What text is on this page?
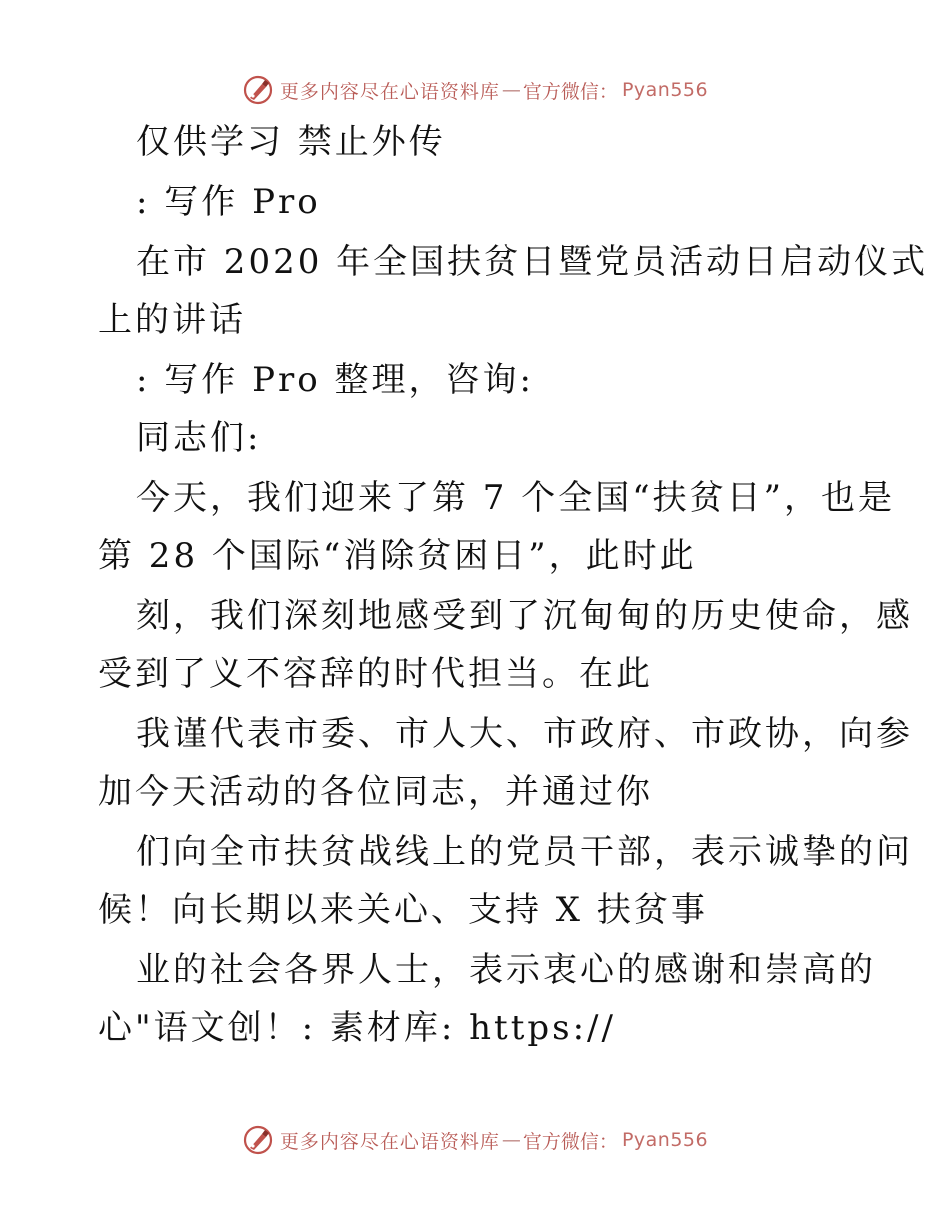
更多内容尽在心语资料库 — 官方微信： Pyan556
仅供学习 禁止外传
: 写作 Pro
在市 2020 年全国扶贫日暨党员活动日启动仪式
上的讲话
: 写作 Pro 整理，咨询:
同志们:
今天，我们迎来了第 7 个全国“扶贫日”，也是
第 28 个国际“消除贫困日”，此时此
刻，我们深刻地感受到了沉甸甸的历史使命，感
受到了义不容辞的时代担当。在此
我谨代表市委、市人大、市政府、市政协，向参
加今天活动的各位同志，并通过你
们向全市扶贫战线上的党员干部，表示诚挚的问
候！向长期以来关心、支持 X 扶贫事
业的社会各界人士，表示衷心的感谢和崇高的
心"语文创！: 素材库: https://
更多内容尽在心语资料库 — 官方微信： Pyan556
